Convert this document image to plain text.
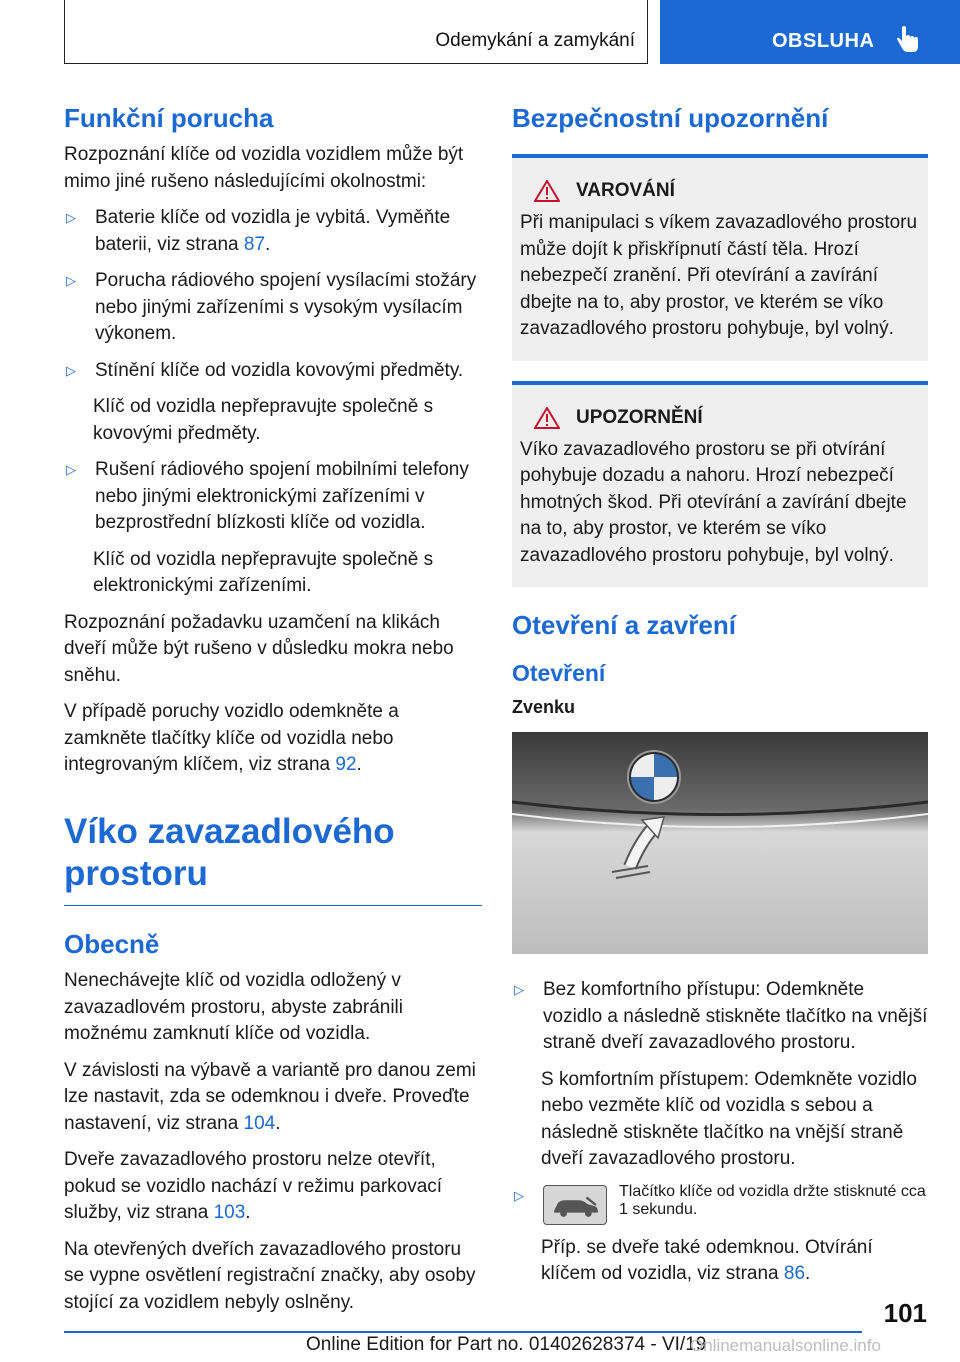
Odemykání a zamykání	OBSLUHA
Funkční porucha

Rozpoznání klíče od vozidla vozidlem může být mimo jiné rušeno následujícími okolnostmi:

▷	Baterie klíče od vozidla je vybitá. Vyměňte baterii, viz strana 87.
▷	Porucha rádiového spojení vysílacími stožáry nebo jinými zařízeními s vysokým vysílacím výkonem.
▷	Stínění klíče od vozidla kovovými předměty.

Klíč od vozidla nepřepravujte společně s kovovými předměty.

▷	Rušení rádiového spojení mobilními telefony nebo jinými elektronickými zařízeními v bezprostřední blízkosti klíče od vozidla.

Klíč od vozidla nepřepravujte společně s elektronickými zařízeními.

Rozpoznání požadavku uzamčení na klikách dveří může být rušeno v důsledku mokra nebo sněhu.

V případě poruchy vozidlo odemkněte a zamkněte tlačítky klíče od vozidla nebo integrovaným klíčem, viz strana 92.

Víko zavazadlového
prostoru
Obecně

Nenechávejte klíč od vozidla odložený v zavazadlovém prostoru, abyste zabránili možnému zamknutí klíče od vozidla.

V závislosti na výbavě a variantě pro danou zemi lze nastavit, zda se odemknou i dveře. Proveďte nastavení, viz strana 104.

Dveře zavazadlového prostoru nelze otevřít, pokud se vozidlo nachází v režimu parkovací služby, viz strana 103.

Na otevřených dveřích zavazadlového prostoru se vypne osvětlení registrační značky, aby osoby stojící za vozidlem nebyly oslněny.

Bezpečnostní upozornění
VAROVÁNÍ

Při manipulaci s víkem zavazadlového prostoru může dojít k přiskřípnutí částí těla. Hrozí nebezpečí zranění. Při otevírání a zavírání dbejte na to, aby prostor, ve kterém se víko zavazadlového prostoru pohybuje, byl volný.

UPOZORNĚNÍ

Víko zavazadlového prostoru se při otvírání pohybuje dozadu a nahoru. Hrozí nebezpečí hmotných škod. Při otevírání a zavírání dbejte na to, aby prostor, ve kterém se víko zavazadlového prostoru pohybuje, byl volný.

Otevření a zavření
Otevření
Zvenku
▷	Bez komfortního přístupu: Odemkněte vozidlo a následně stiskněte tlačítko na vnější straně dveří zavazadlového prostoru.

S komfortním přístupem: Odemkněte vozidlo nebo vezměte klíč od vozidla s sebou a následně stiskněte tlačítko na vnější straně dveří zavazadlového prostoru.

▷	Tlačítko klíče od vozidla držte stisknuté cca 1 sekundu.

Příp. se dveře také odemknou. Otvírání klíčem od vozidla, viz strana 86.

101
Online Edition for Part no. 01402628374 - VI/19
Onlinemanualsonline.info
